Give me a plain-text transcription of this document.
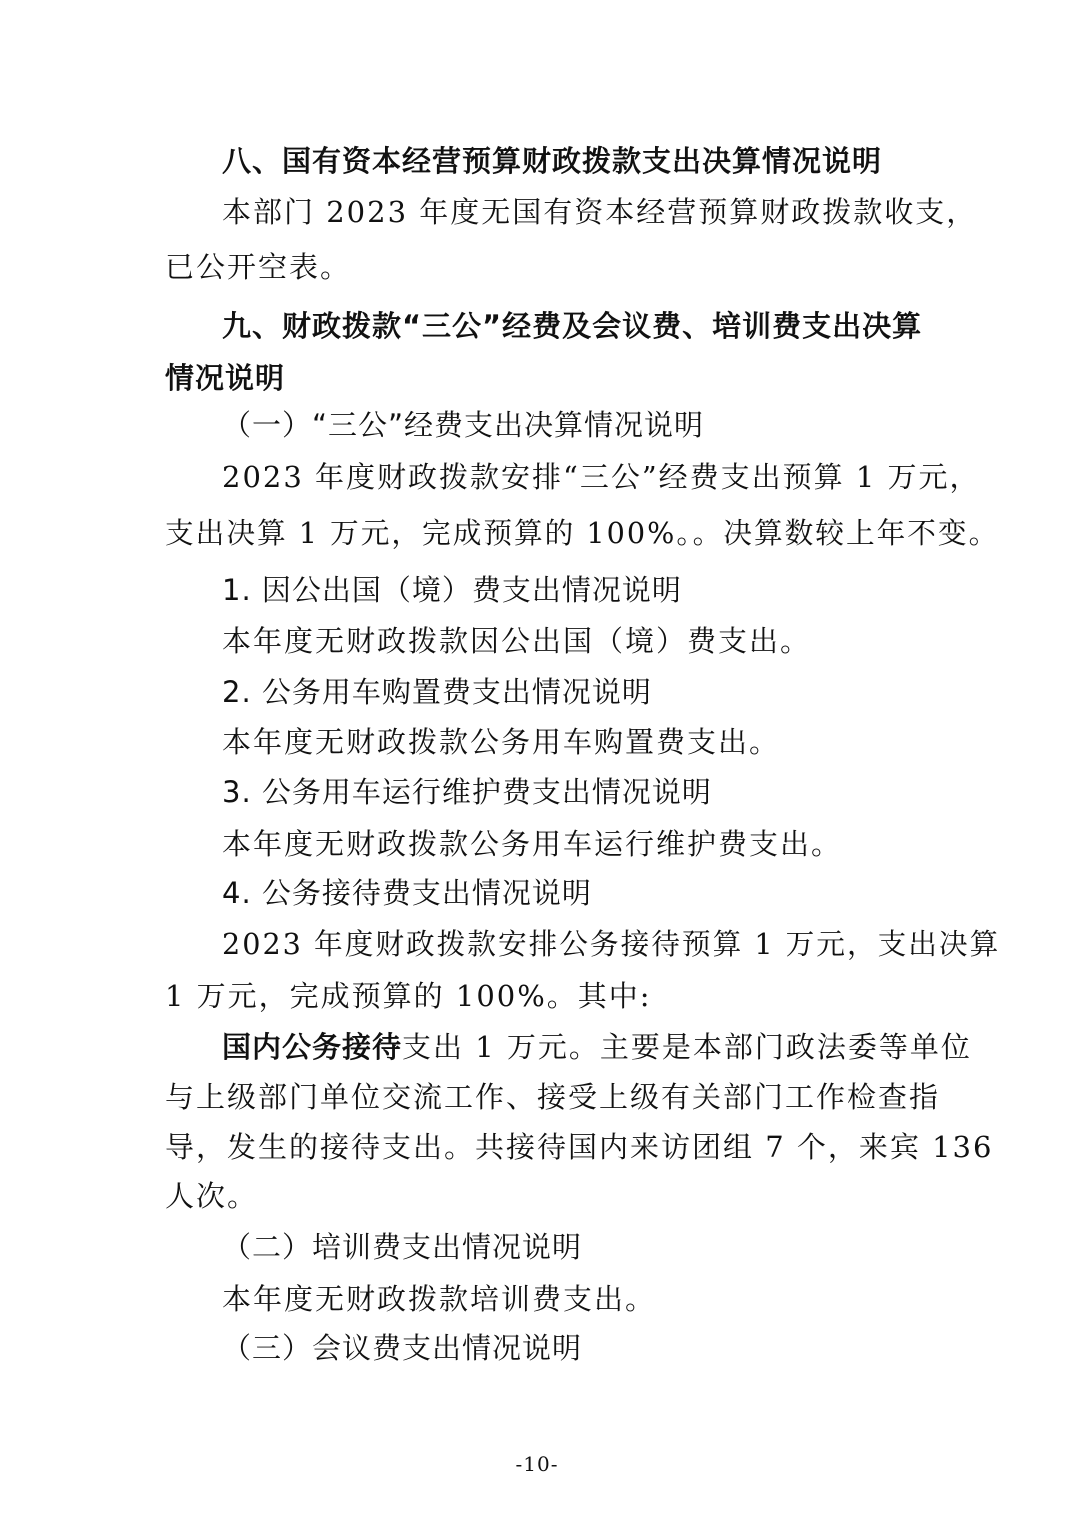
八、国有资本经营预算财政拨款支出决算情况说明
本部门 2023 年度无国有资本经营预算财政拨款收支，
已公开空表。
九、财政拨款“三公”经费及会议费、培训费支出决算
情况说明
（一）“三公”经费支出决算情况说明
2023 年度财政拨款安排“三公”经费支出预算 1 万元，
支出决算 1 万元，完成预算的 100%。。决算数较上年不变。
1. 因公出国（境）费支出情况说明
本年度无财政拨款因公出国（境）费支出。
2. 公务用车购置费支出情况说明
本年度无财政拨款公务用车购置费支出。
3. 公务用车运行维护费支出情况说明
本年度无财政拨款公务用车运行维护费支出。
4. 公务接待费支出情况说明
2023 年度财政拨款安排公务接待预算 1 万元，支出决算
1 万元，完成预算的 100%。其中:
国内公务接待支出 1 万元。主要是本部门政法委等单位
与上级部门单位交流工作、接受上级有关部门工作检查指
导，发生的接待支出。共接待国内来访团组 7 个，来宾 136
人次。
（二）培训费支出情况说明
本年度无财政拨款培训费支出。
（三）会议费支出情况说明
-10-
